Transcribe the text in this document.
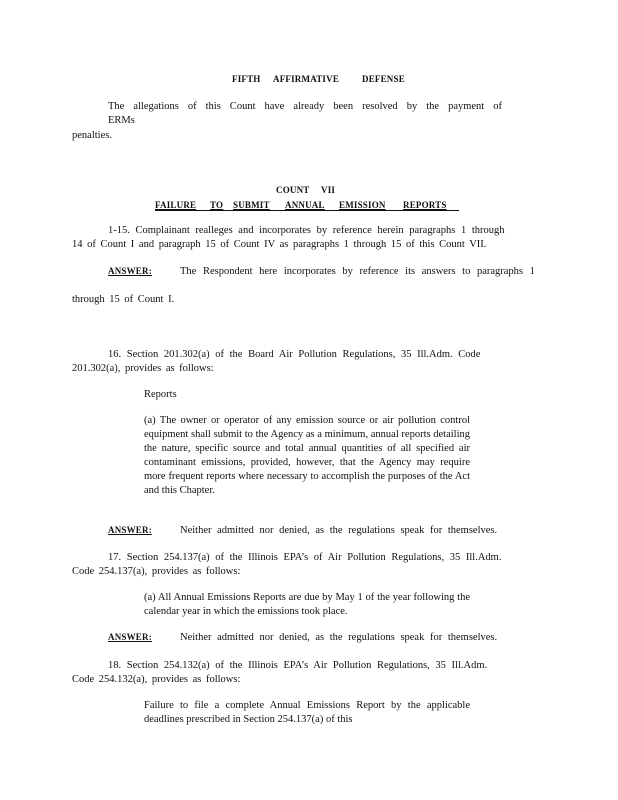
FIFTH AFFIRMATIVE	DEFENSE
The allegations of this Count have already been resolved by the payment of ERMs
penalties.
COUNT VII
FAILURE TO SUBMIT ANNUAL EMISSION REPORTS
1-15. Complainant realleges and incorporates by reference herein paragraphs 1 through
14 of Count I and paragraph 15 of Count IV as paragraphs 1 through 15 of this Count VII.
ANSWER:	The Respondent here incorporates by reference its answers to paragraphs 1
through 15 of Count I.
16. Section 201.302(a) of the Board Air Pollution Regulations, 35 Ill.Adm. Code
201.302(a), provides as follows:
Reports
(a) The owner or operator of any emission source or air pollution control equipment shall submit to the Agency as a minimum, annual reports detailing the nature, specific source and total annual quantities of all specified air contaminant emissions, provided, however, that the Agency may require more frequent reports where necessary to accomplish the purposes of the Act and this Chapter.
ANSWER:	Neither admitted nor denied, as the regulations speak for themselves.
17. Section 254.137(a) of the Illinois EPA’s of Air Pollution Regulations, 35 Ill.Adm.
Code 254.137(a), provides as follows:
(a) All Annual Emissions Reports are due by May 1 of the year following the calendar year in which the emissions took place.
ANSWER:	Neither admitted nor denied, as the regulations speak for themselves.
18. Section 254.132(a) of the Illinois EPA’s Air Pollution Regulations, 35 Ill.Adm.
Code 254.132(a), provides as follows:
Failure to file a complete Annual Emissions Report by the applicable deadlines prescribed in Section 254.137(a) of this
